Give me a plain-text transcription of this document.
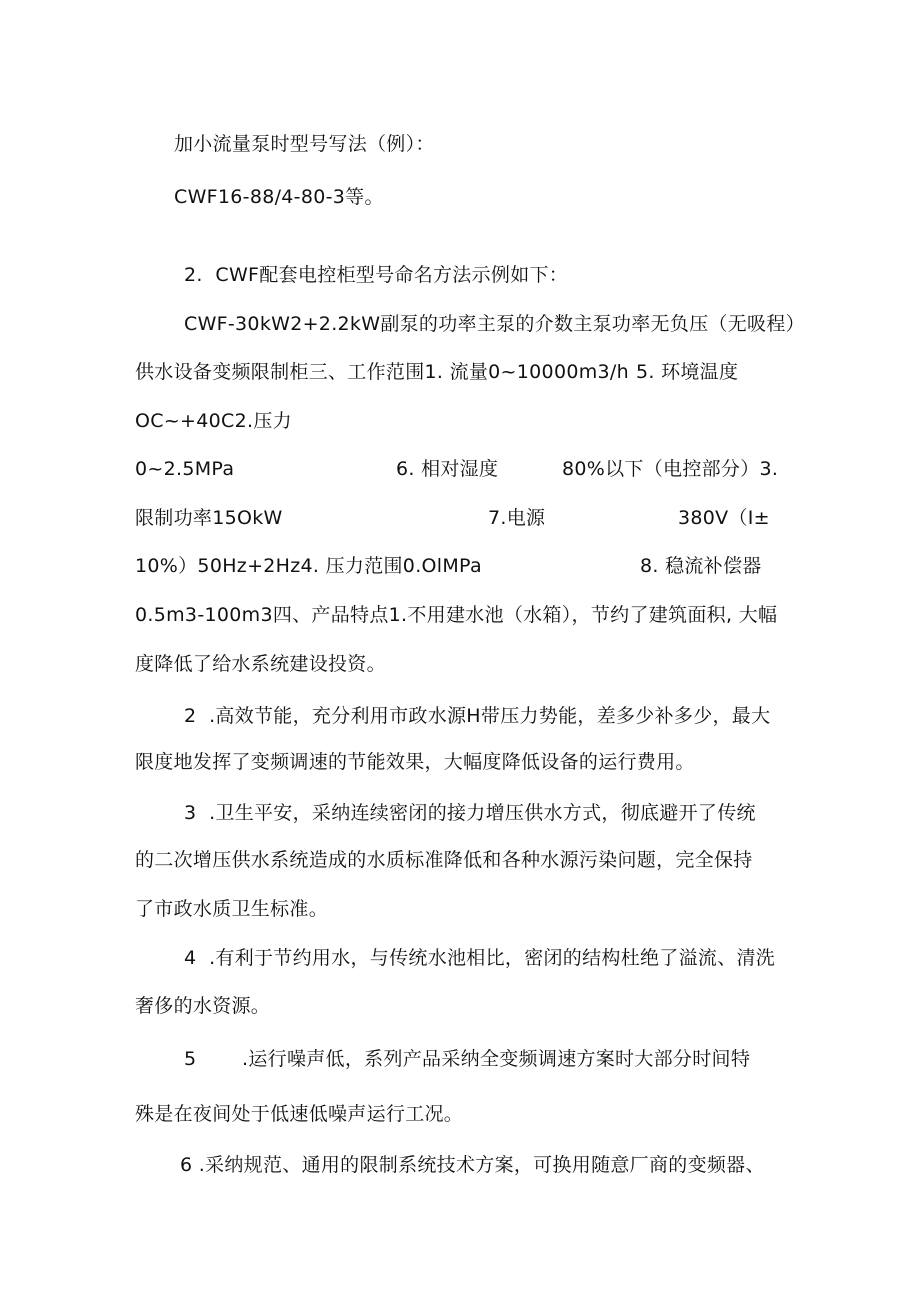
加小流量泵时型号写法（例）：
CWF16-88/4-80-3等。
2.  CWF配套电控柜型号命名方法示例如下：
CWF-30kW2+2.2kW副泵的功率主泵的介数主泵功率无负压（无吸程）
供水设备变频限制柜三、工作范围1. 流量0~10000m3/h 5. 环境温度
OC~+40C2.压力
0~2.5MPa	6. 相对湿度	80%以下（电控部分）3.
限制功率15OkW	7.电源	380V（I±
10%）50Hz+2Hz4. 压力范围0.OlMPa	8. 稳流补偿器
0.5m3-100m3四、产品特点1.不用建水池（水箱），节约了建筑面积, 大幅
度降低了给水系统建设投资。
2  .高效节能，充分利用市政水源H带压力势能，差多少补多少，最大
限度地发挥了变频调速的节能效果，大幅度降低设备的运行费用。
3  .卫生平安，采纳连续密闭的接力增压供水方式，彻底避开了传统
的二次增压供水系统造成的水质标准降低和各种水源污染问题，完全保持
了市政水质卫生标准。
4  .有利于节约用水，与传统水池相比，密闭的结构杜绝了溢流、清洗
奢侈的水资源。
5 .运行噪声低，系列产品采纳全变频调速方案时大部分时间特
殊是在夜间处于低速低噪声运行工况。
6 .采纳规范、通用的限制系统技术方案，可换用随意厂商的变频器、
